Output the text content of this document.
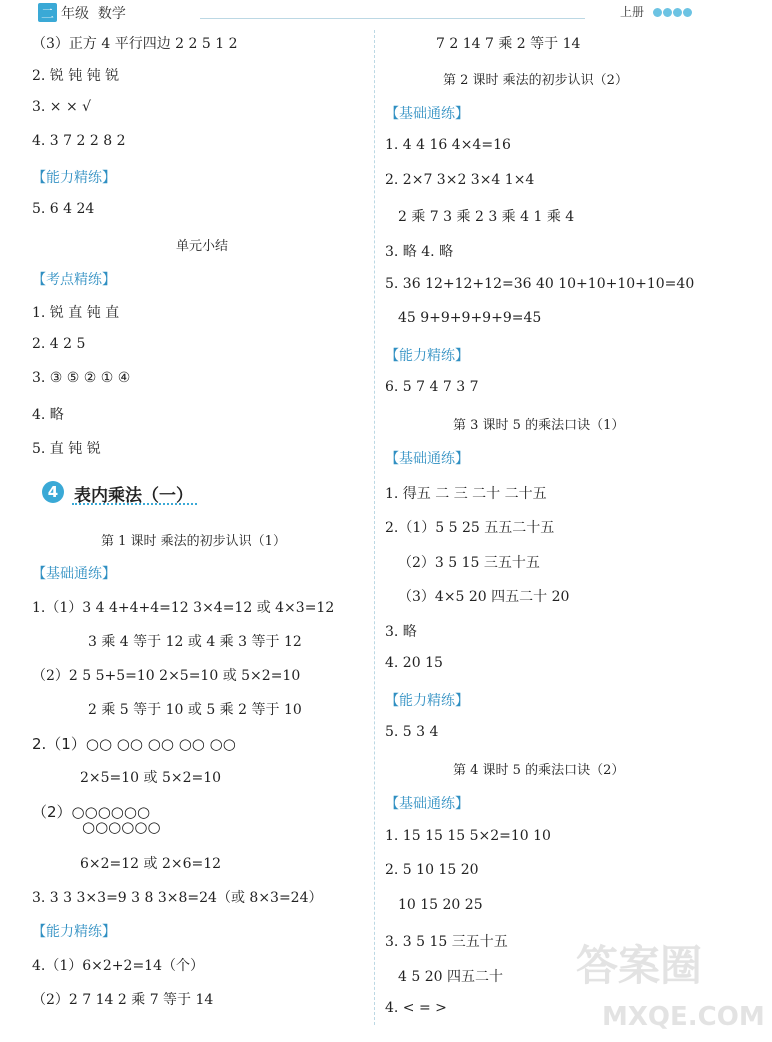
二 年级 数学	上册
4 表内乘法（一）
（3）正方 4 平行四边 2 2 5 1 2
2. 锐 钝 钝 锐
3. × × √
4. 3 7 2 2 8 2
【能力精练】
5. 6 4 24
单元小结
【考点精练】
1. 锐 直 钝 直
2. 4 2 5
3. ③ ⑤ ② ① ④
4. 略
5. 直 钝 锐
第 1 课时 乘法的初步认识（1）
【基础通练】
1.（1）3 4 4+4+4=12 3×4=12 或 4×3=12
3 乘 4 等于 12 或 4 乘 3 等于 12
（2）2 5 5+5=10 2×5=10 或 5×2=10
2 乘 5 等于 10 或 5 乘 2 等于 10
2.（1）○○ ○○ ○○ ○○ ○○
2×5=10 或 5×2=10
（2）○○○○○○
○○○○○○
6×2=12 或 2×6=12
3. 3 3 3×3=9 3 8 3×8=24（或 8×3=24）
【能力精练】
4.（1）6×2+2=14（个）
（2）2 7 14 2 乘 7 等于 14
7 2 14 7 乘 2 等于 14
第 2 课时 乘法的初步认识（2）
【基础通练】
1. 4 4 16 4×4=16
2. 2×7 3×2 3×4 1×4
2 乘 7 3 乘 2 3 乘 4 1 乘 4
3. 略 4. 略
5. 36 12+12+12=36 40 10+10+10+10=40
45 9+9+9+9+9=45
【能力精练】
6. 5 7 4 7 3 7
第 3 课时 5 的乘法口诀（1）
【基础通练】
1. 得五 二 三 二十 二十五
2.（1）5 5 25 五五二十五
（2）3 5 15 三五十五
（3）4×5 20 四五二十 20
3. 略
4. 20 15
【能力精练】
5. 5 3 4
第 4 课时 5 的乘法口诀（2）
【基础通练】
1. 15 15 15 5×2=10 10
2. 5 10 15 20
10 15 20 25
3. 3 5 15 三五十五
4 5 20 四五二十
4. < = >
答案圈
MXQE.COM
